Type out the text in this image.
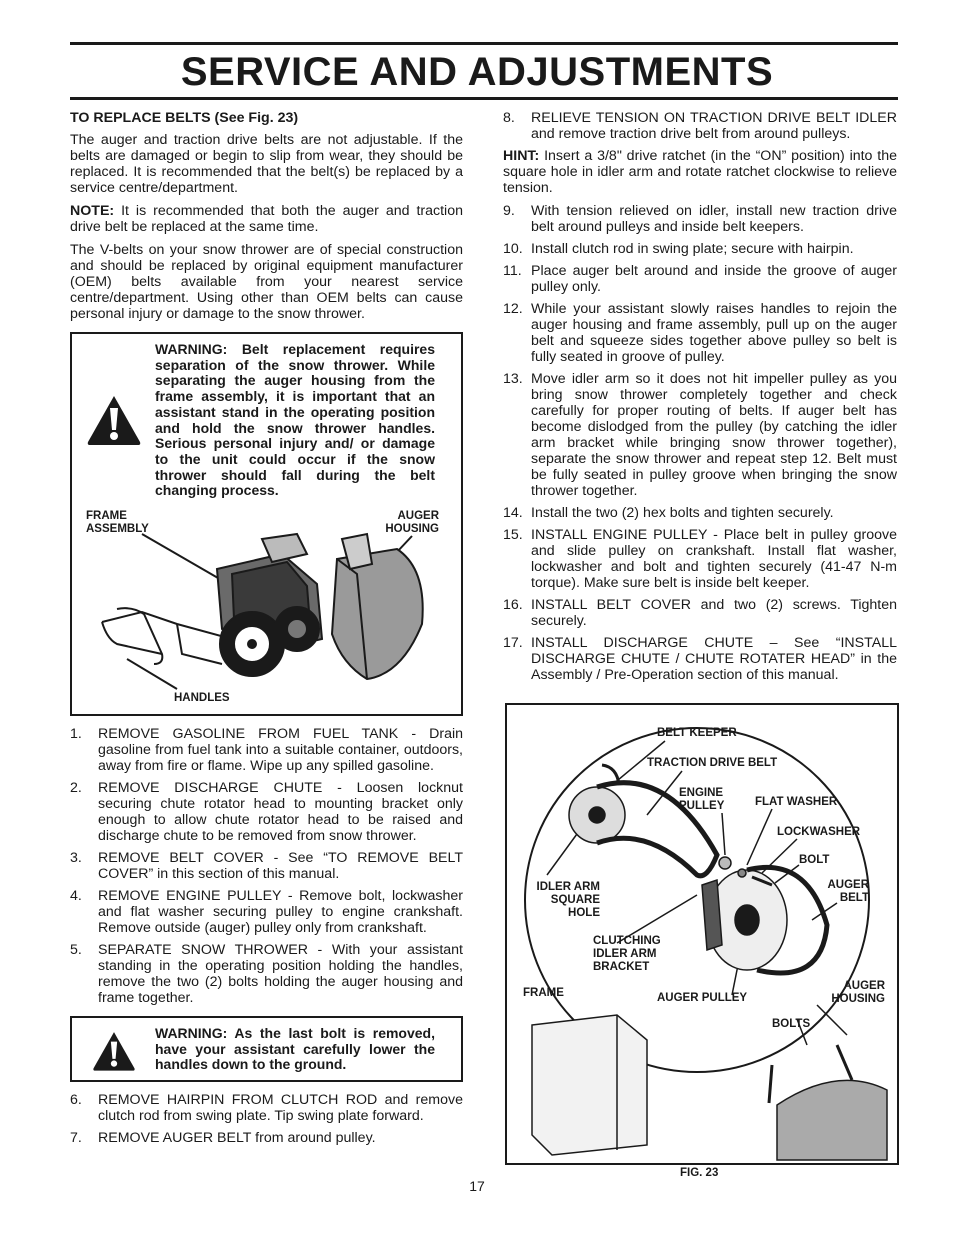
SERVICE AND ADJUSTMENTS

TO REPLACE BELTS (See Fig. 23)

The auger and traction drive belts are not adjustable. If the belts are damaged or begin to slip from wear, they should be replaced. It is recommended that the belt(s) be replaced by a service centre/department.

NOTE: It is recommended that both the auger and traction drive belt be replaced at the same time.

The V-belts on your snow thrower are of special construction and should be replaced by original equipment manufacturer (OEM) belts available from your nearest service centre/department. Using other than OEM belts can cause personal injury or damage to the snow thrower.

WARNING: Belt replacement requires separation of the snow thrower. While separating the auger housing from the frame assembly, it is important that an assistant stand in the operating position and hold the snow thrower handles. Serious personal injury and/ or damage to the unit could occur if the snow thrower should fall during the belt changing process.
FRAME
ASSEMBLY
AUGER
HOUSING
HANDLES
1. REMOVE GASOLINE FROM FUEL TANK - Drain gasoline from fuel tank into a suitable container, outdoors, away from fire or flame. Wipe up any spilled gasoline.
2. REMOVE DISCHARGE CHUTE - Loosen locknut securing chute rotator head to mounting bracket only enough to allow chute rotator head to be raised and discharge chute to be removed from snow thrower.
3. REMOVE BELT COVER - See “TO REMOVE BELT COVER” in this section of this manual.
4. REMOVE ENGINE PULLEY - Remove bolt, lockwasher and flat washer securing pulley to engine crankshaft. Remove outside (auger) pulley only from crankshaft.
5. SEPARATE SNOW THROWER - With your assistant standing in the operating position holding the handles, remove the two (2) bolts holding the auger housing and frame together.
WARNING: As the last bolt is removed, have your assistant carefully lower the handles down to the ground.
6. REMOVE HAIRPIN FROM CLUTCH ROD and remove clutch rod from swing plate. Tip swing plate forward.
7. REMOVE AUGER BELT from around pulley.
8. RELIEVE TENSION ON TRACTION DRIVE BELT IDLER and remove traction drive belt from around pulleys.

HINT: Insert a 3/8" drive ratchet (in the “ON” position) into the square hole in idler arm and rotate ratchet clockwise to relieve tension.

9. With tension relieved on idler, install new traction drive belt around pulleys and inside belt keepers.
10. Install clutch rod in swing plate; secure with hairpin.
11. Place auger belt around and inside the groove of auger pulley only.
12. While your assistant slowly raises handles to rejoin the auger housing and frame assembly, pull up on the auger belt and squeeze sides together above pulley so belt is fully seated in groove of pulley.
13. Move idler arm so it does not hit impeller pulley as you bring snow thrower completely together and check carefully for proper routing of belts. If auger belt has become dislodged from the pulley (by catching the idler arm bracket while bringing snow thrower together), separate the snow thrower and repeat step 12. Belt must be fully seated in pulley groove when bringing the snow thrower together.
14. Install the two (2) hex bolts and tighten securely.
15. INSTALL ENGINE PULLEY - Place belt in pulley groove and slide pulley on crankshaft. Install flat washer, lockwasher and bolt and tighten securely (41-47 N-m torque). Make sure belt is inside belt keeper.
16. INSTALL BELT COVER and two (2) screws. Tighten securely.
17. INSTALL DISCHARGE CHUTE – See “INSTALL DISCHARGE CHUTE / CHUTE ROTATER HEAD” in the Assembly / Pre-Operation section of this manual.
BELT KEEPER
TRACTION DRIVE BELT
ENGINE
PULLEY	FLAT WASHER
LOCKWASHER
BOLT
IDLER ARM
SQUARE
HOLE
AUGER
BELT
CLUTCHING
IDLER ARM
BRACKET
FRAME	AUGER PULLEY
AUGER
HOUSING
BOLTS
FIG. 23
17
